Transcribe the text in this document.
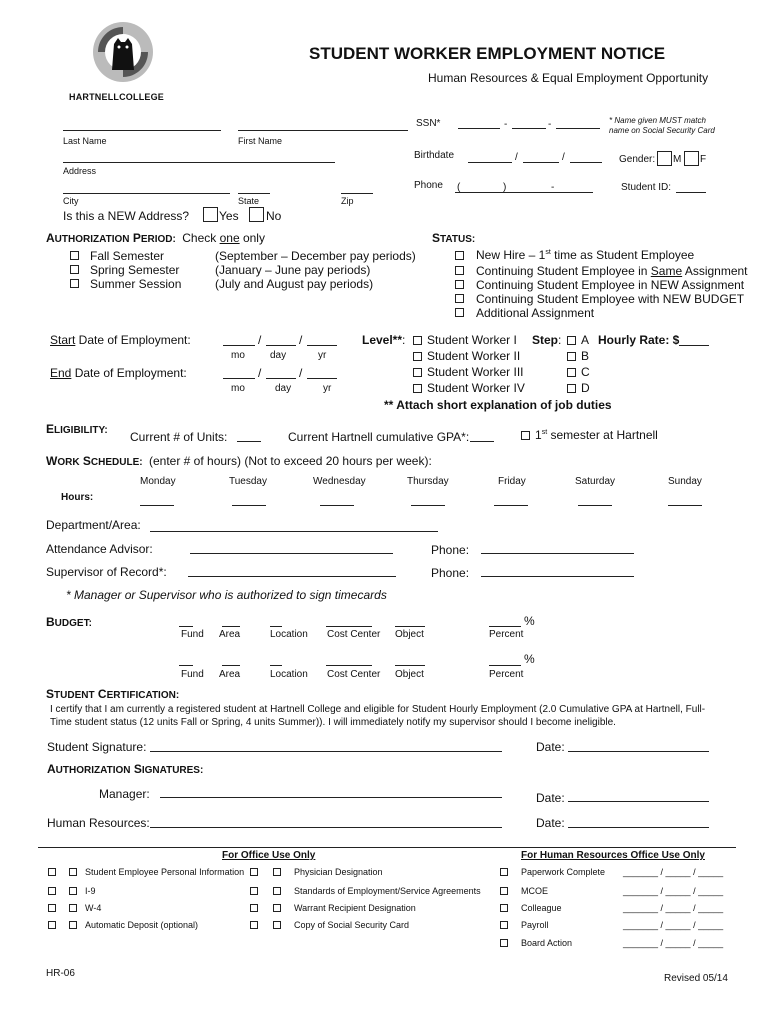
HARTNELLCOLLEGE
STUDENT WORKER EMPLOYMENT NOTICE
Human Resources & Equal Employment Opportunity
Last Name	First Name
SSN*	-	-	* Name given MUST match
name on Social Security Card
Address
Birthdate	/	/	Gender: M F
City	State	Zip
Phone (	)	-	Student ID:
Is this a NEW Address? Yes No
AUTHORIZATION PERIOD: Check one only
Fall Semester	(September – December pay periods)
Spring Semester	(January – June pay periods)
Summer Session	(July and August pay periods)
STATUS:
New Hire – 1st time as Student Employee
Continuing Student Employee in Same Assignment
Continuing Student Employee in NEW Assignment
Continuing Student Employee with NEW BUDGET
Additional Assignment
Start Date of Employment:	/	/
mo	day	yr
End Date of Employment:	/	/
mo	day	yr
Level**: Student Worker I
Student Worker II
Student Worker III
Student Worker IV
Step: A
B
C
D
Hourly Rate: $
** Attach short explanation of job duties
ELIGIBILITY: Current # of Units:	Current Hartnell cumulative GPA*:	1st semester at Hartnell
WORK SCHEDULE: (enter # of hours) (Not to exceed 20 hours per week):
Monday	Tuesday	Wednesday	Thursday	Friday	Saturday	Sunday
Hours:
Department/Area:
Attendance Advisor:	Phone:
Supervisor of Record*:	Phone:
* Manager or Supervisor who is authorized to sign timecards
BUDGET:	%
Fund Area	Location Cost Center Object	Percent
%
Fund Area	Location Cost Center Object	Percent
STUDENT CERTIFICATION:
I certify that I am currently a registered student at Hartnell College and eligible for Student Hourly Employment (2.0 Cumulative GPA at Hartnell, Full-
Time student status (12 units Fall or Spring, 4 units Summer)). I will immediately notify my supervisor should I become ineligible.
Student Signature:	Date:
AUTHORIZATION SIGNATURES:
Manager:	Date:
Human Resources:	Date:
For Office Use Only	For Human Resources Office Use Only
Student Employee Personal Information	Physician Designation	Paperwork Complete _______ / _____ / _____
I-9	Standards of Employment/Service Agreements	MCOE	_______ / _____ / _____
W-4	Warrant Recipient Designation	Colleague	_______ / _____ / _____
Automatic Deposit (optional)	Copy of Social Security Card	Payroll	_______ / _____ / _____
Board Action	_______ / _____ / _____
HR-06	Revised 05/14
